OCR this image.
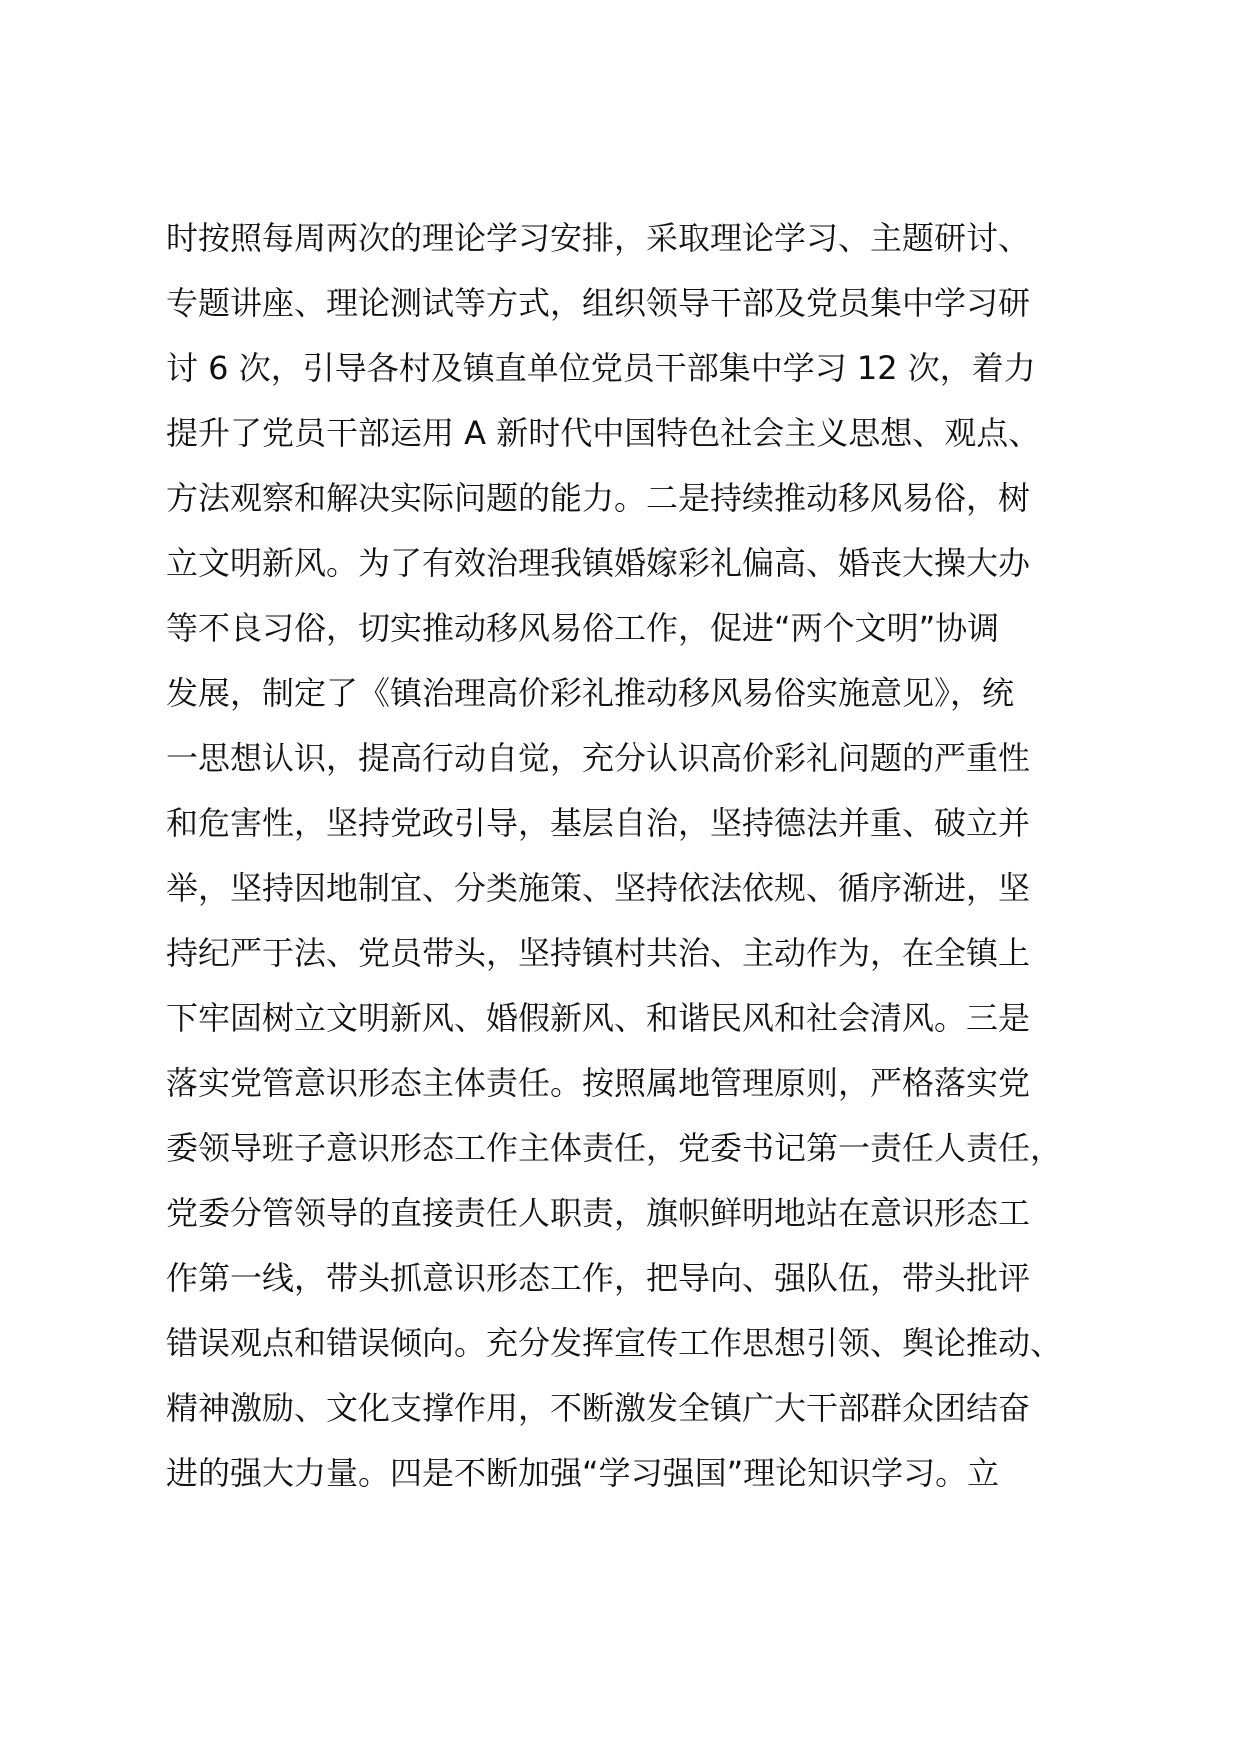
时按照每周两次的理论学习安排，采取理论学习、主题研讨、
专题讲座、理论测试等方式，组织领导干部及党员集中学习研
讨 6 次，引导各村及镇直单位党员干部集中学习 12 次，着力
提升了党员干部运用 A 新时代中国特色社会主义思想、观点、
方法观察和解决实际问题的能力。二是持续推动移风易俗，树
立文明新风。为了有效治理我镇婚嫁彩礼偏高、婚丧大操大办
等不良习俗，切实推动移风易俗工作，促进“两个文明”协调
发展，制定了《镇治理高价彩礼推动移风易俗实施意见》，统
一思想认识，提高行动自觉，充分认识高价彩礼问题的严重性
和危害性，坚持党政引导，基层自治，坚持德法并重、破立并
举，坚持因地制宜、分类施策、坚持依法依规、循序渐进，坚
持纪严于法、党员带头，坚持镇村共治、主动作为，在全镇上
下牢固树立文明新风、婚假新风、和谐民风和社会清风。三是
落实党管意识形态主体责任。按照属地管理原则，严格落实党
委领导班子意识形态工作主体责任，党委书记第一责任人责任，
党委分管领导的直接责任人职责，旗帜鲜明地站在意识形态工
作第一线，带头抓意识形态工作，把导向、强队伍，带头批评
错误观点和错误倾向。充分发挥宣传工作思想引领、舆论推动、
精神激励、文化支撑作用，不断激发全镇广大干部群众团结奋
进的强大力量。四是不断加强“学习强国”理论知识学习。立
